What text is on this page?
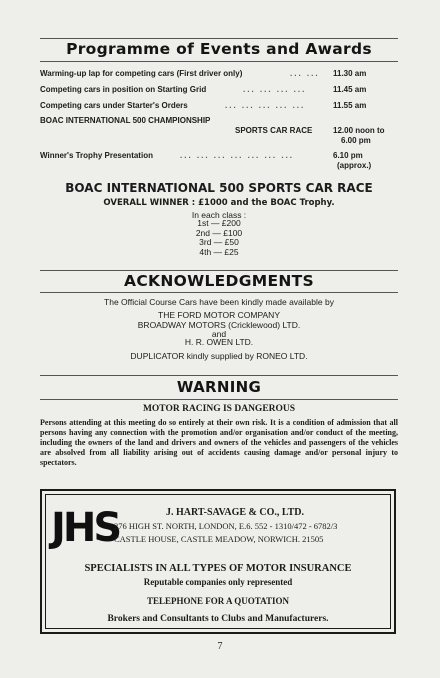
Programme of Events and Awards
Warming-up lap for competing cars (First driver only)	... ... 11.30 am
Competing cars in position on Starting Grid	... ... ... ...	11.45 am
Competing cars under Starter's Orders	... ... ... ... ...	11.55 am
BOAC INTERNATIONAL 500 CHAMPIONSHIP
SPORTS CAR RACE	12.00 noon to
6.00 pm
Winner's Trophy Presentation	... ... ... ... ... ... ...	6.10 pm
(approx.)
BOAC INTERNATIONAL 500 SPORTS CAR RACE
OVERALL WINNER : £1000 and the BOAC Trophy.
In each class :
1st — £200
2nd — £100
3rd — £50
4th — £25
ACKNOWLEDGMENTS
The Official Course Cars have been kindly made available by
THE FORD MOTOR COMPANY
BROADWAY MOTORS (Cricklewood) LTD.
and
H. R. OWEN LTD.
DUPLICATOR kindly supplied by RONEO LTD.
WARNING
MOTOR RACING IS DANGEROUS
Persons attending at this meeting do so entirely at their own risk. It is a condition of admission that all persons having any connection with the promotion and/or organisation and/or conduct of the meeting, including the owners of the land and drivers and owners of the vehicles and passengers of the vehicles are absolved from all liability arising out of accidents causing damage and/or personal injury to spectators.
JHS	J. HART-SAVAGE & CO., LTD.
276 HIGH ST. NORTH, LONDON, E.6. 552 - 1310/472 - 6782/3
CASTLE HOUSE, CASTLE MEADOW, NORWICH. 21505
SPECIALISTS IN ALL TYPES OF MOTOR INSURANCE
Reputable companies only represented
TELEPHONE FOR A QUOTATION
Brokers and Consultants to Clubs and Manufacturers.
7
